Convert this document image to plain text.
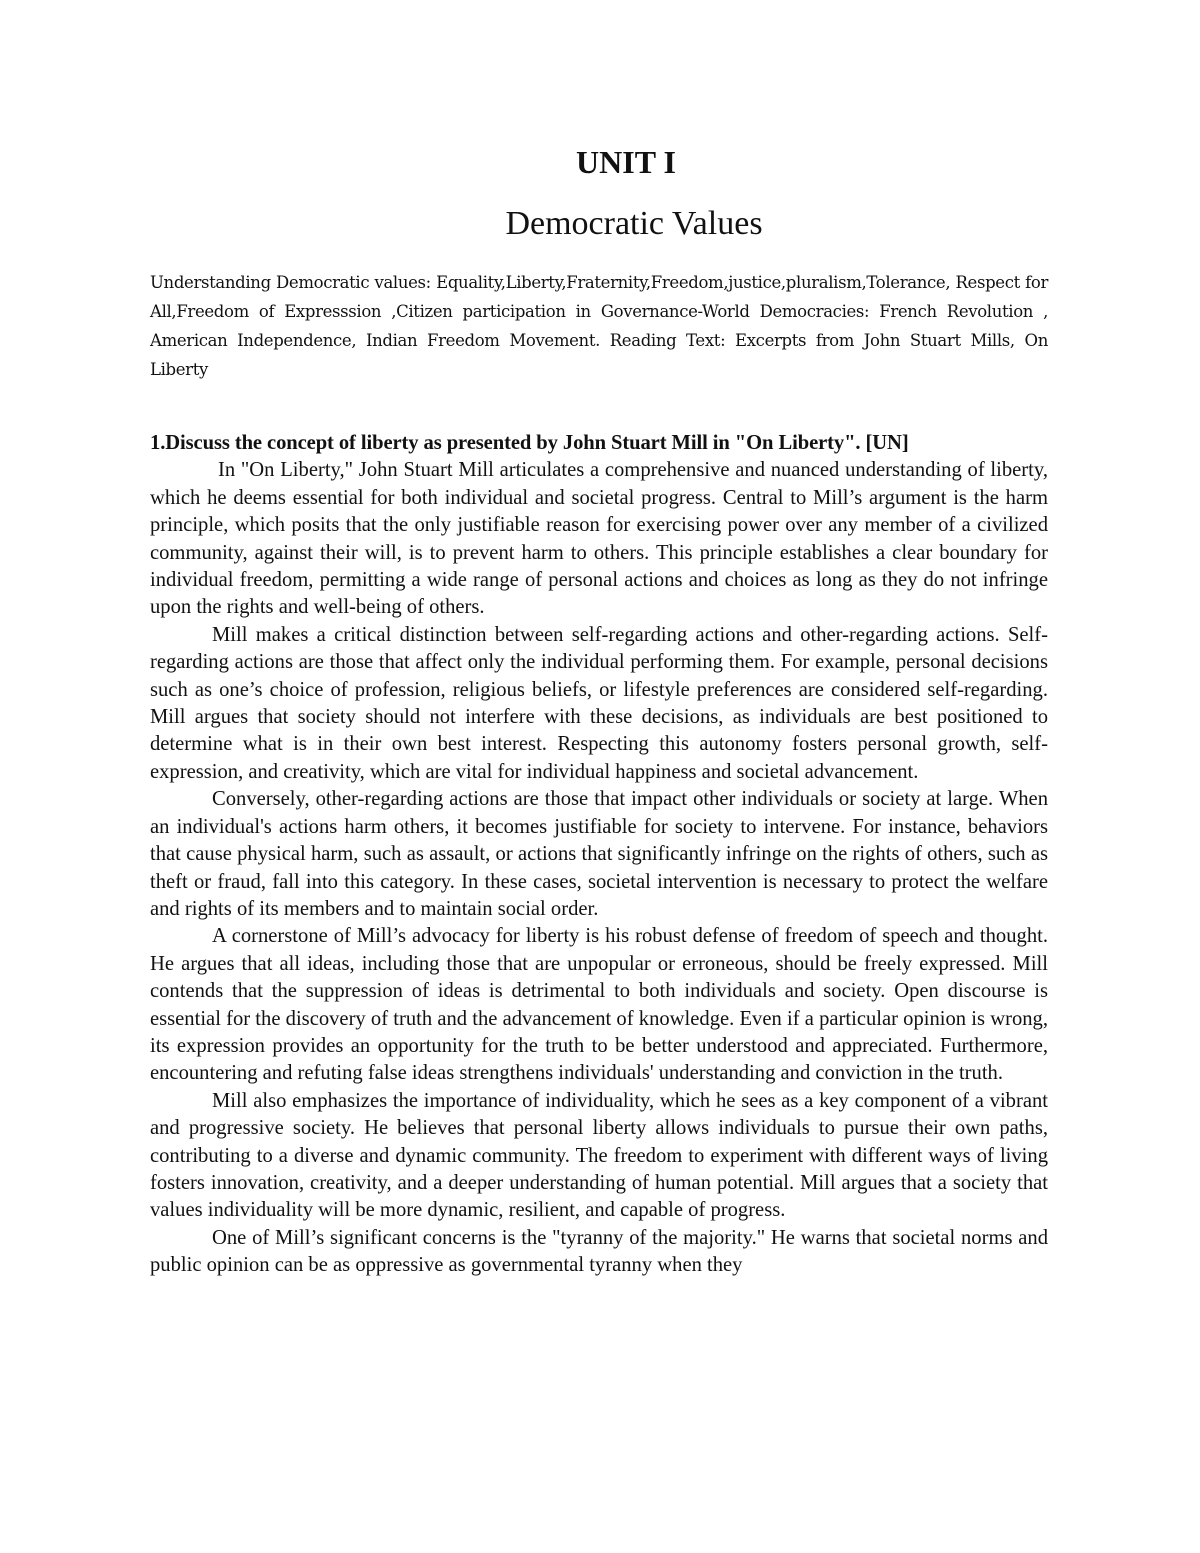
UNIT I
Democratic Values

Understanding Democratic values: Equality,Liberty,Fraternity,Freedom,justice,pluralism,Tolerance, Respect for All,Freedom of Expresssion ,Citizen participation in Governance-World Democracies: French Revolution , American Independence, Indian Freedom Movement. Reading Text: Excerpts from John Stuart Mills, On Liberty

1.Discuss the concept of liberty as presented by John Stuart Mill in "On Liberty". [UN]

In "On Liberty," John Stuart Mill articulates a comprehensive and nuanced understanding of liberty, which he deems essential for both individual and societal progress. Central to Mill’s argument is the harm principle, which posits that the only justifiable reason for exercising power over any member of a civilized community, against their will, is to prevent harm to others. This principle establishes a clear boundary for individual freedom, permitting a wide range of personal actions and choices as long as they do not infringe upon the rights and well-being of others.

Mill makes a critical distinction between self-regarding actions and other-regarding actions. Self-regarding actions are those that affect only the individual performing them. For example, personal decisions such as one’s choice of profession, religious beliefs, or lifestyle preferences are considered self-regarding. Mill argues that society should not interfere with these decisions, as individuals are best positioned to determine what is in their own best interest. Respecting this autonomy fosters personal growth, self-expression, and creativity, which are vital for individual happiness and societal advancement.

Conversely, other-regarding actions are those that impact other individuals or society at large. When an individual's actions harm others, it becomes justifiable for society to intervene. For instance, behaviors that cause physical harm, such as assault, or actions that significantly infringe on the rights of others, such as theft or fraud, fall into this category. In these cases, societal intervention is necessary to protect the welfare and rights of its members and to maintain social order.

A cornerstone of Mill’s advocacy for liberty is his robust defense of freedom of speech and thought. He argues that all ideas, including those that are unpopular or erroneous, should be freely expressed. Mill contends that the suppression of ideas is detrimental to both individuals and society. Open discourse is essential for the discovery of truth and the advancement of knowledge. Even if a particular opinion is wrong, its expression provides an opportunity for the truth to be better understood and appreciated. Furthermore, encountering and refuting false ideas strengthens individuals' understanding and conviction in the truth.

Mill also emphasizes the importance of individuality, which he sees as a key component of a vibrant and progressive society. He believes that personal liberty allows individuals to pursue their own paths, contributing to a diverse and dynamic community. The freedom to experiment with different ways of living fosters innovation, creativity, and a deeper understanding of human potential. Mill argues that a society that values individuality will be more dynamic, resilient, and capable of progress.

One of Mill’s significant concerns is the "tyranny of the majority." He warns that societal norms and public opinion can be as oppressive as governmental tyranny when they
